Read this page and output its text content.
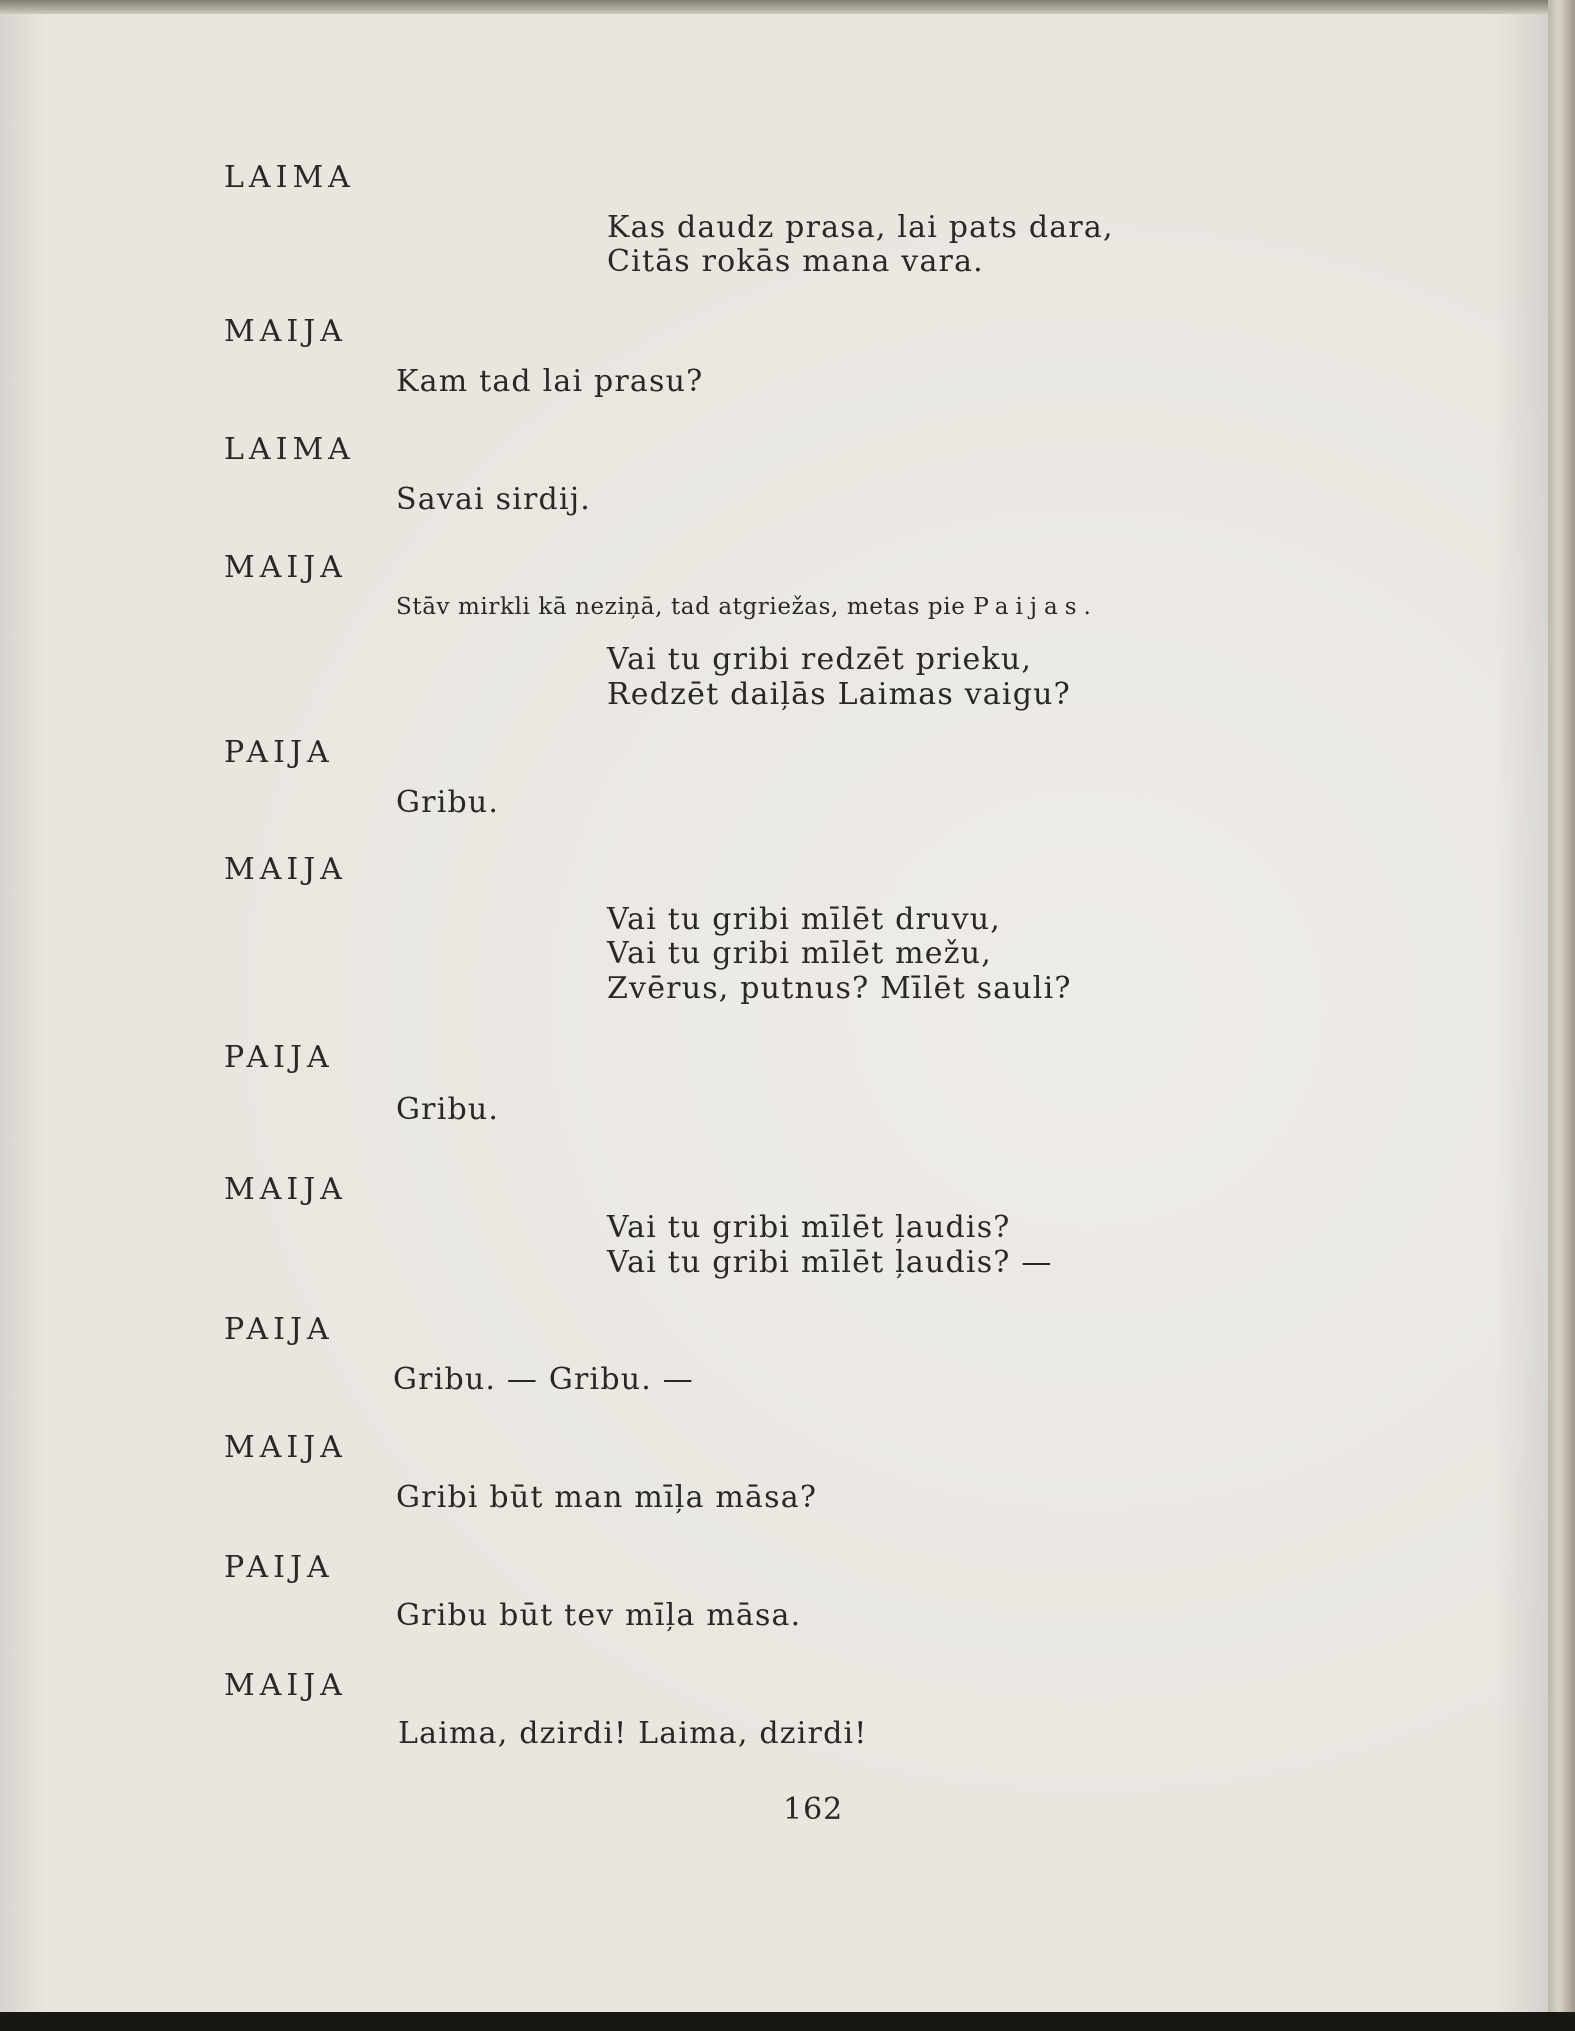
LAIMA
Kas daudz prasa, lai pats dara,
Citās rokās mana vara.
MAIJA
Kam tad lai prasu?
LAIMA
Savai sirdij.
MAIJA
Stāv mirkli kā neziņā, tad atgriežas, metas pie Paijas.
Vai tu gribi redzēt prieku,
Redzēt daiļās Laimas vaigu?
PAIJA
Gribu.
MAIJA
Vai tu gribi mīlēt druvu,
Vai tu gribi mīlēt mežu,
Zvērus, putnus? Mīlēt sauli?
PAIJA
Gribu.
MAIJA
Vai tu gribi mīlēt ļaudis?
Vai tu gribi mīlēt ļaudis? —
PAIJA
Gribu. — Gribu. —
MAIJA
Gribi būt man mīļa māsa?
PAIJA
Gribu būt tev mīļa māsa.
MAIJA
Laima, dzirdi! Laima, dzirdi!
162
